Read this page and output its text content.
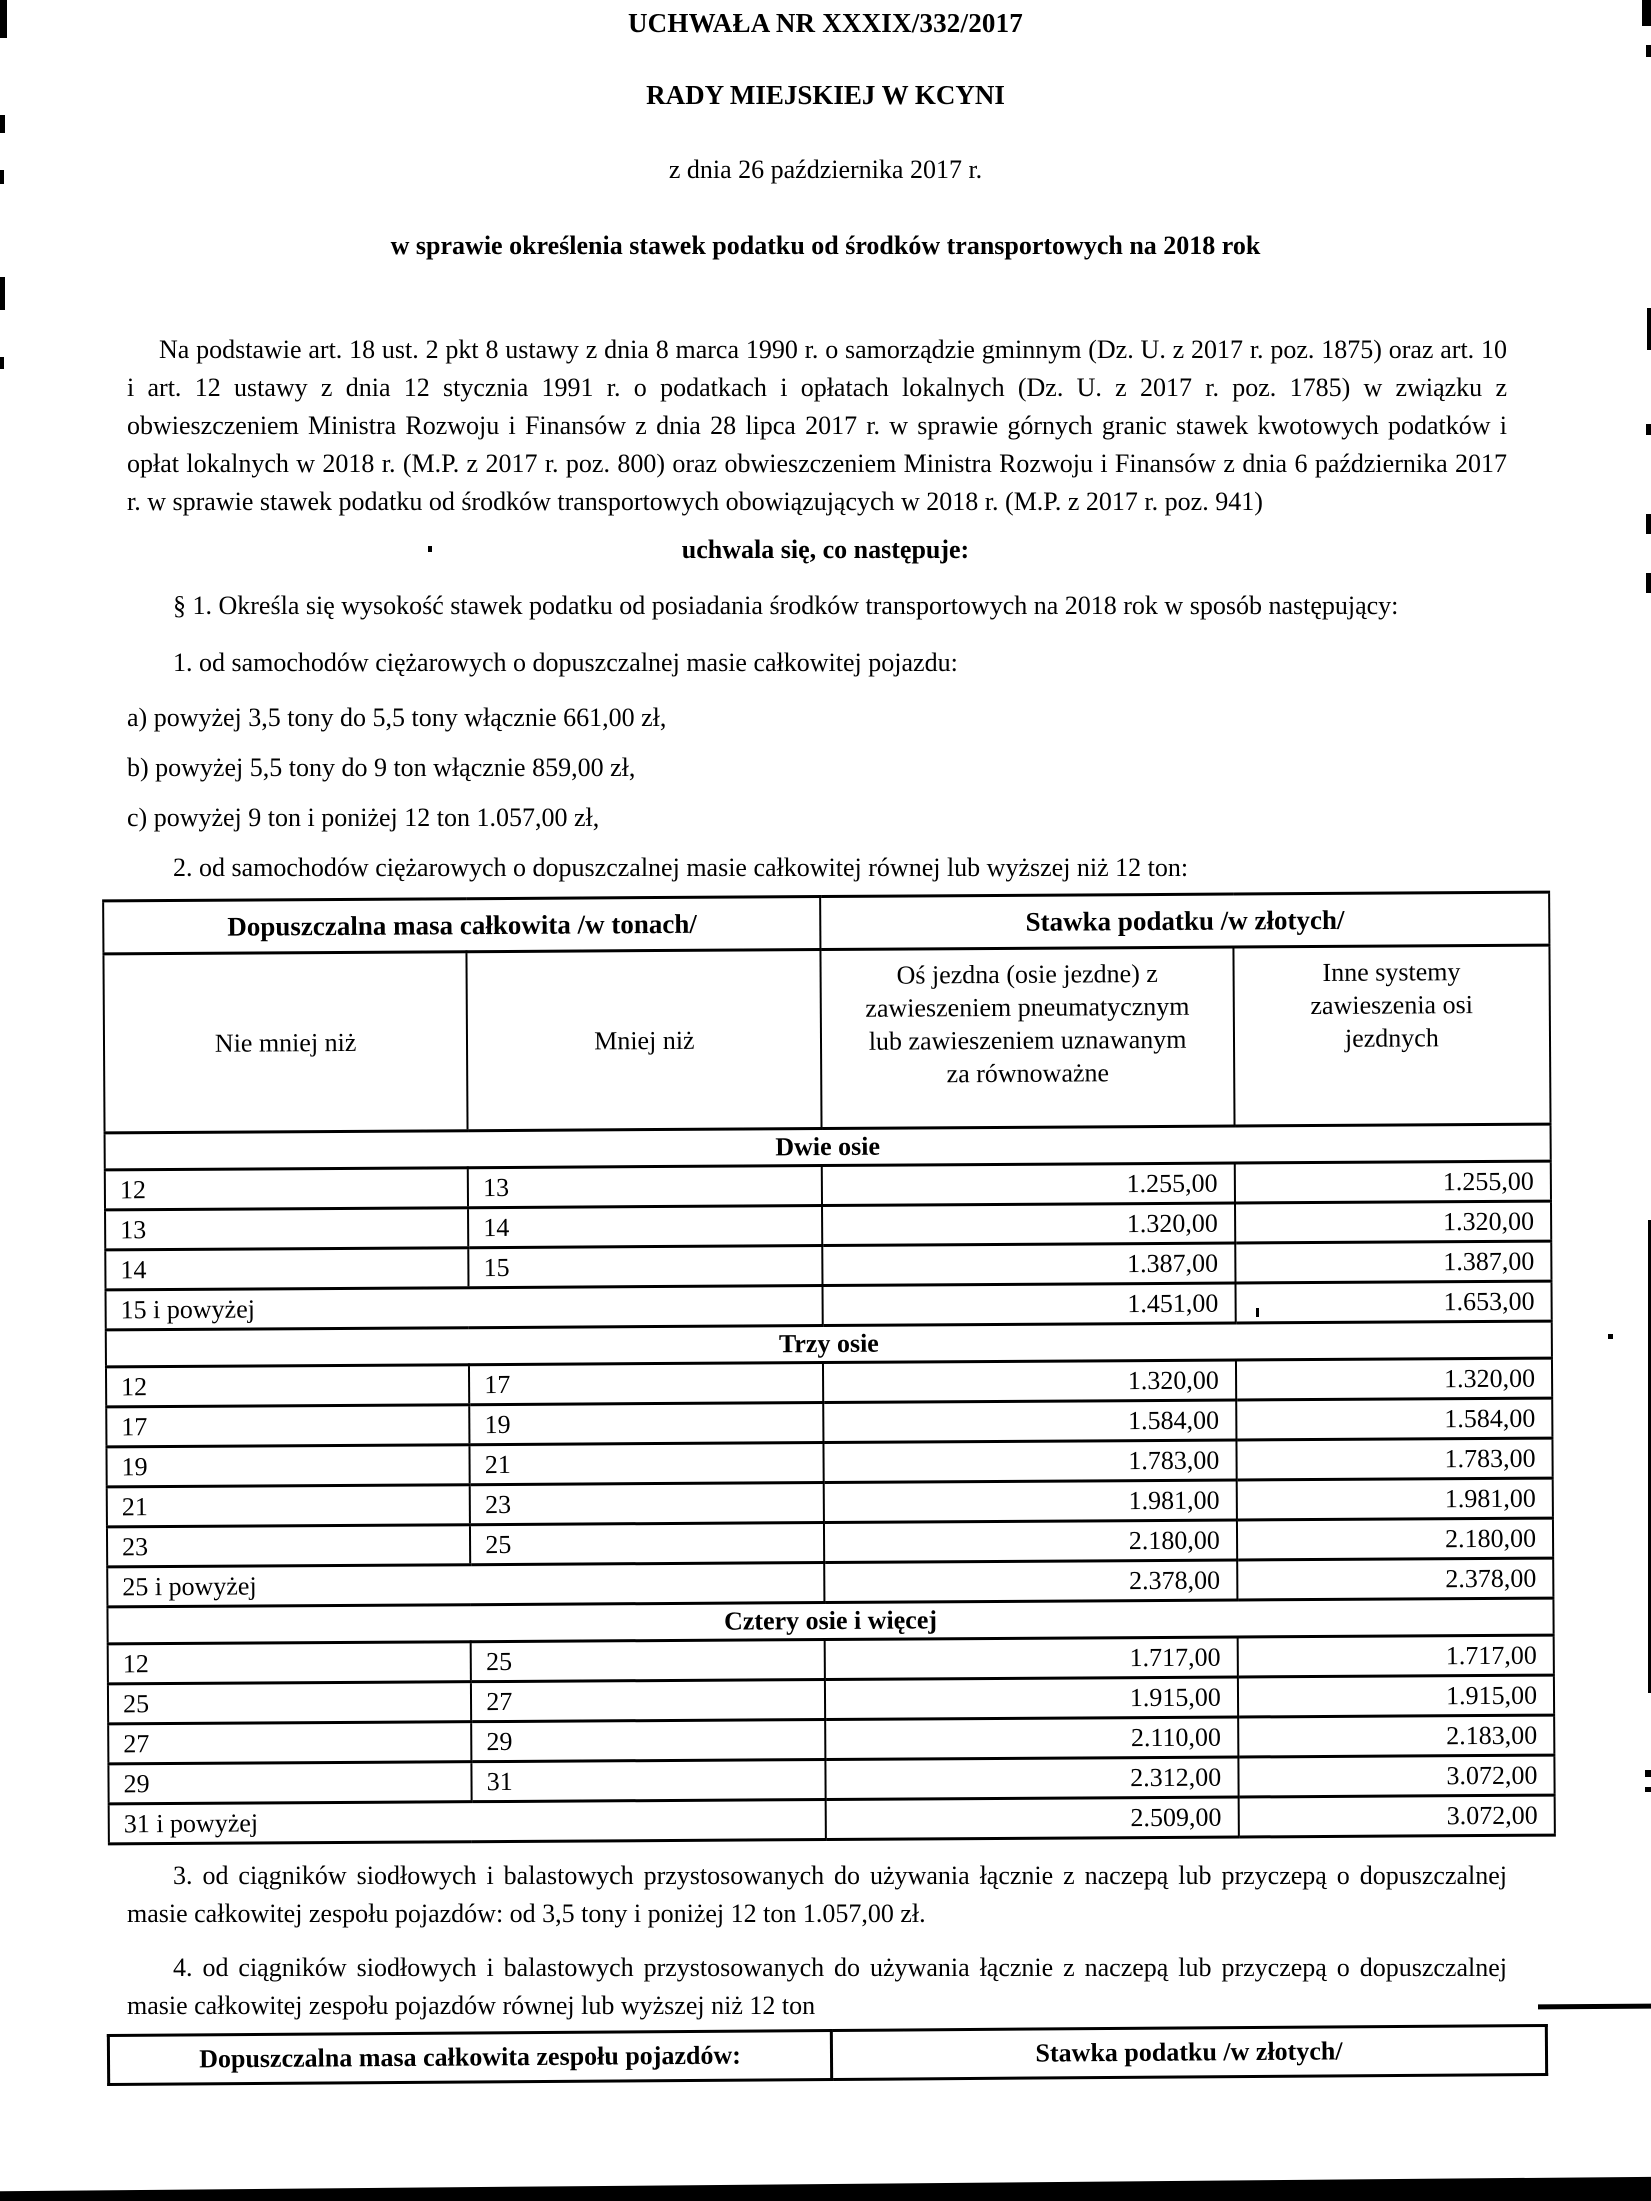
UCHWAŁA NR XXXIX/332/2017
RADY MIEJSKIEJ W KCYNI
z dnia 26 października 2017 r.
w sprawie określenia stawek podatku od środków transportowych na 2018 rok

Na podstawie art. 18 ust. 2 pkt 8 ustawy z dnia 8 marca 1990 r. o samorządzie gminnym (Dz. U. z 2017 r. poz. 1875) oraz art. 10 i art. 12 ustawy z dnia 12 stycznia 1991 r. o podatkach i opłatach lokalnych (Dz. U. z 2017 r. poz. 1785) w związku z obwieszczeniem Ministra Rozwoju i Finansów z dnia 28 lipca 2017 r. w sprawie górnych granic stawek kwotowych podatków i opłat lokalnych w 2018 r. (M.P. z 2017 r. poz. 800) oraz obwieszczeniem Ministra Rozwoju i Finansów z dnia 6 października 2017 r. w sprawie stawek podatku od środków transportowych obowiązujących w 2018 r. (M.P. z 2017 r. poz. 941)

uchwala się, co następuje:

§ 1. Określa się wysokość stawek podatku od posiadania środków transportowych na 2018 rok w sposób następujący:

1. od samochodów ciężarowych o dopuszczalnej masie całkowitej pojazdu:

a) powyżej 3,5 tony do 5,5 tony włącznie 661,00 zł,

b) powyżej 5,5 tony do 9 ton włącznie 859,00 zł,

c) powyżej 9 ton i poniżej 12 ton 1.057,00 zł,

2. od samochodów ciężarowych o dopuszczalnej masie całkowitej równej lub wyższej niż 12 ton:

Dopuszczalna masa całkowita /w tonach/		Stawka podatku /w złotych/	
Nie mniej niż	Mniej niż	Oś jezdna (osie jezdne) z zawieszeniem pneumatycznym lub zawieszeniem uznawanym za równoważne	Inne systemy zawieszenia osi jezdnych
Dwie osie			
12	13	1.255,00	1.255,00
13	14	1.320,00	1.320,00
14	15	1.387,00	1.387,00
15 i powyżej		1.451,00	1.653,00
Trzy osie			
12	17	1.320,00	1.320,00
17	19	1.584,00	1.584,00
19	21	1.783,00	1.783,00
21	23	1.981,00	1.981,00
23	25	2.180,00	2.180,00
25 i powyżej		2.378,00	2.378,00
Cztery osie i więcej			
12	25	1.717,00	1.717,00
25	27	1.915,00	1.915,00
27	29	2.110,00	2.183,00
29	31	2.312,00	3.072,00
31 i powyżej		2.509,00	3.072,00

3. od ciągników siodłowych i balastowych przystosowanych do używania łącznie z naczepą lub przyczepą o dopuszczalnej masie całkowitej zespołu pojazdów: od 3,5 tony i poniżej 12 ton 1.057,00 zł.

4. od ciągników siodłowych i balastowych przystosowanych do używania łącznie z naczepą lub przyczepą o dopuszczalnej masie całkowitej zespołu pojazdów równej lub wyższej niż 12 ton

Dopuszczalna masa całkowita zespołu pojazdów:	Stawka podatku /w złotych/
